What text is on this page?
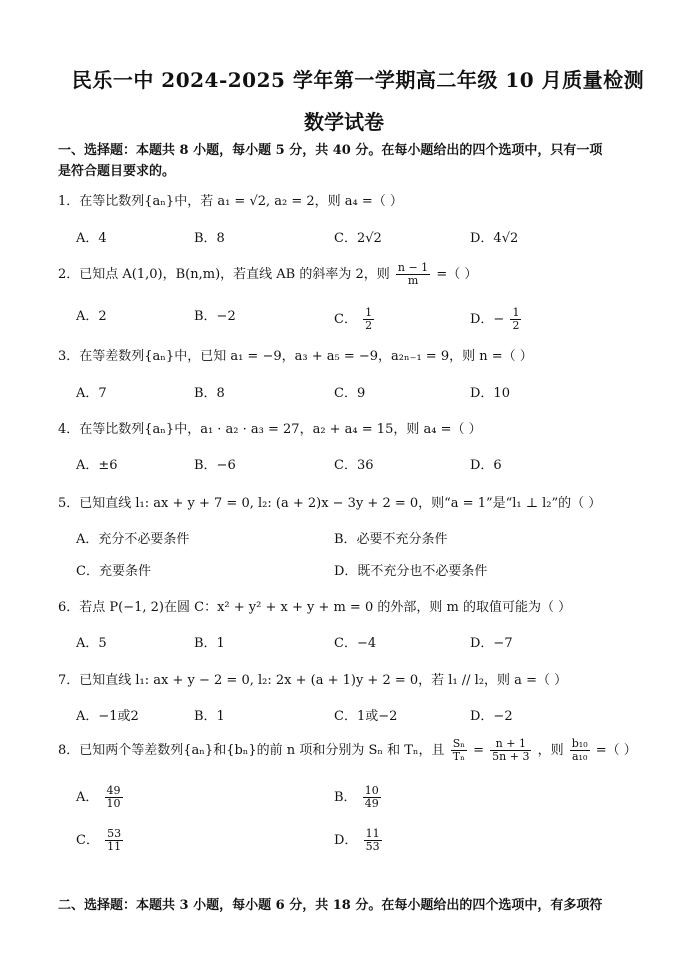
民乐一中 2024-2025 学年第一学期高二年级 10 月质量检测
数学试卷
一、选择题：本题共 8 小题，每小题 5 分，共 40 分。在每小题给出的四个选项中，只有一项
是符合题目要求的。
1．在等比数列{aₙ}中，若 a₁ = √2, a₂ = 2，则 a₄ =（ ）
A．4	B．8	C．2√2	D．4√2
2．已知点 A(1,0)，B(n,m)，若直线 AB 的斜率为 2，则 $\frac{n - 1}{m}$ =（ ）
A．2	B．−2	C． $\frac{1}{2}$	D．− $\frac{1}{2}$
3．在等差数列{aₙ}中，已知 a₁ = −9，a₃ + a₅ = −9，a₂ₙ₋₁ = 9，则 n =（ ）
A．7	B．8	C．9	D．10
4．在等比数列{aₙ}中，a₁ · a₂ · a₃ = 27，a₂ + a₄ = 15，则 a₄ =（ ）
A．±6	B．−6	C．36	D．6
5．已知直线 l₁: ax + y + 7 = 0, l₂: (a + 2)x − 3y + 2 = 0，则“a = 1”是“l₁ ⊥ l₂”的（ ）
A．充分不必要条件	B．必要不充分条件
C．充要条件	D．既不充分也不必要条件
6．若点 P(−1, 2)在圆 C：x² + y² + x + y + m = 0 的外部，则 m 的取值可能为（ ）
A．5	B．1	C．−4	D．−7
7．已知直线 l₁: ax + y − 2 = 0, l₂: 2x + (a + 1)y + 2 = 0，若 l₁ // l₂，则 a =（ ）
A．−1或2	B．1	C．1或−2	D．−2
8．已知两个等差数列{aₙ}和{bₙ}的前 n 项和分别为 Sₙ 和 Tₙ，且 $\frac{\text{Sₙ}}{\text{Tₙ}} = \frac{n + 1}{5n + 3}$ ，则 $\frac{\text{b₁₀}}{\text{a₁₀}}$ =（ ）
A． $\frac{49}{10}$	B． $\frac{10}{49}$
C． $\frac{53}{11}$	D． $\frac{11}{53}$
二、选择题：本题共 3 小题，每小题 6 分，共 18 分。在每小题给出的四个选项中，有多项符
